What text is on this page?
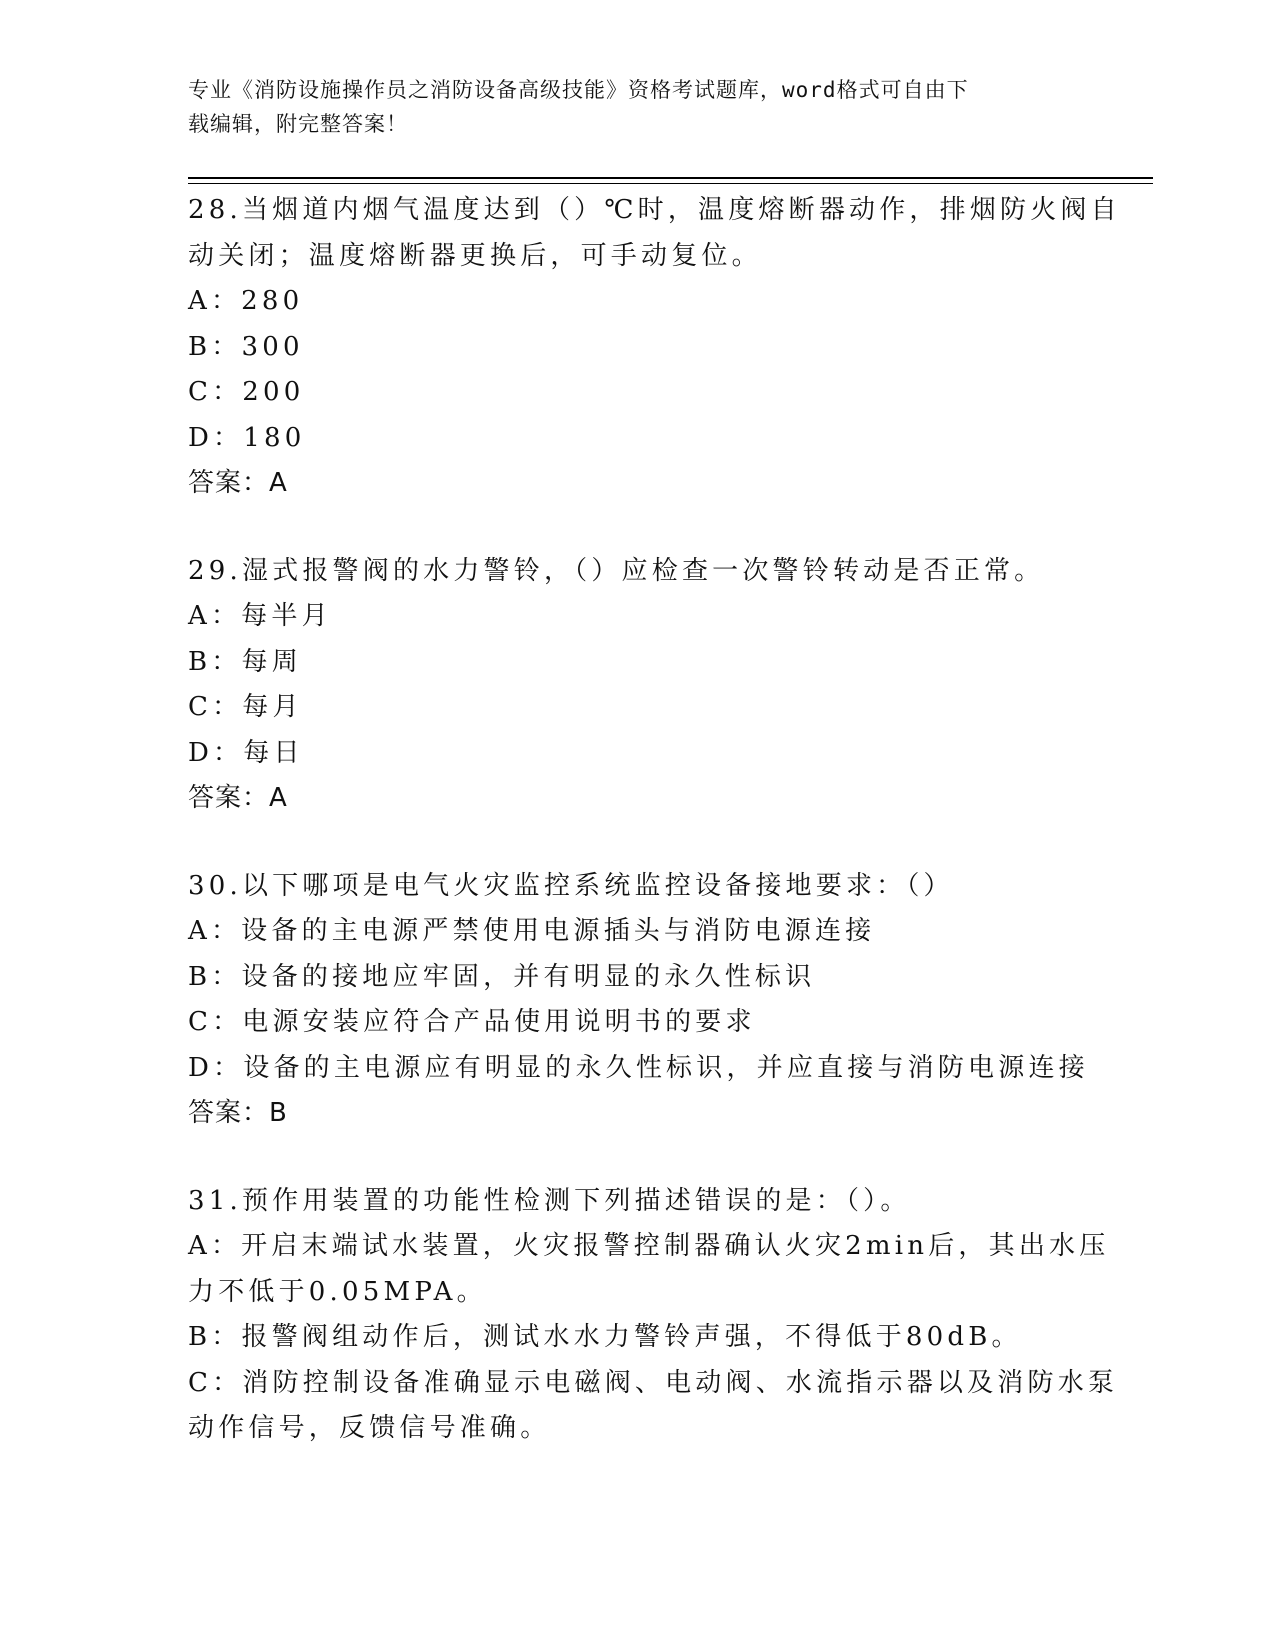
专业《消防设施操作员之消防设备高级技能》资格考试题库，word格式可自由下
载编辑，附完整答案！
28.当烟道内烟气温度达到（）℃时，温度熔断器动作，排烟防火阀自
动关闭；温度熔断器更换后，可手动复位。
A：280
B：300
C：200
D：180
答案：A
29.湿式报警阀的水力警铃，（）应检查一次警铃转动是否正常。
A：每半月
B：每周
C：每月
D：每日
答案：A
30.以下哪项是电气火灾监控系统监控设备接地要求：（）
A：设备的主电源严禁使用电源插头与消防电源连接
B：设备的接地应牢固，并有明显的永久性标识
C：电源安装应符合产品使用说明书的要求
D：设备的主电源应有明显的永久性标识，并应直接与消防电源连接
答案：B
31.预作用装置的功能性检测下列描述错误的是：（）。
A：开启末端试水装置，火灾报警控制器确认火灾2min后，其出水压
力不低于0.05MPA。
B：报警阀组动作后，测试水水力警铃声强，不得低于80dB。
C：消防控制设备准确显示电磁阀、电动阀、水流指示器以及消防水泵
动作信号，反馈信号准确。
